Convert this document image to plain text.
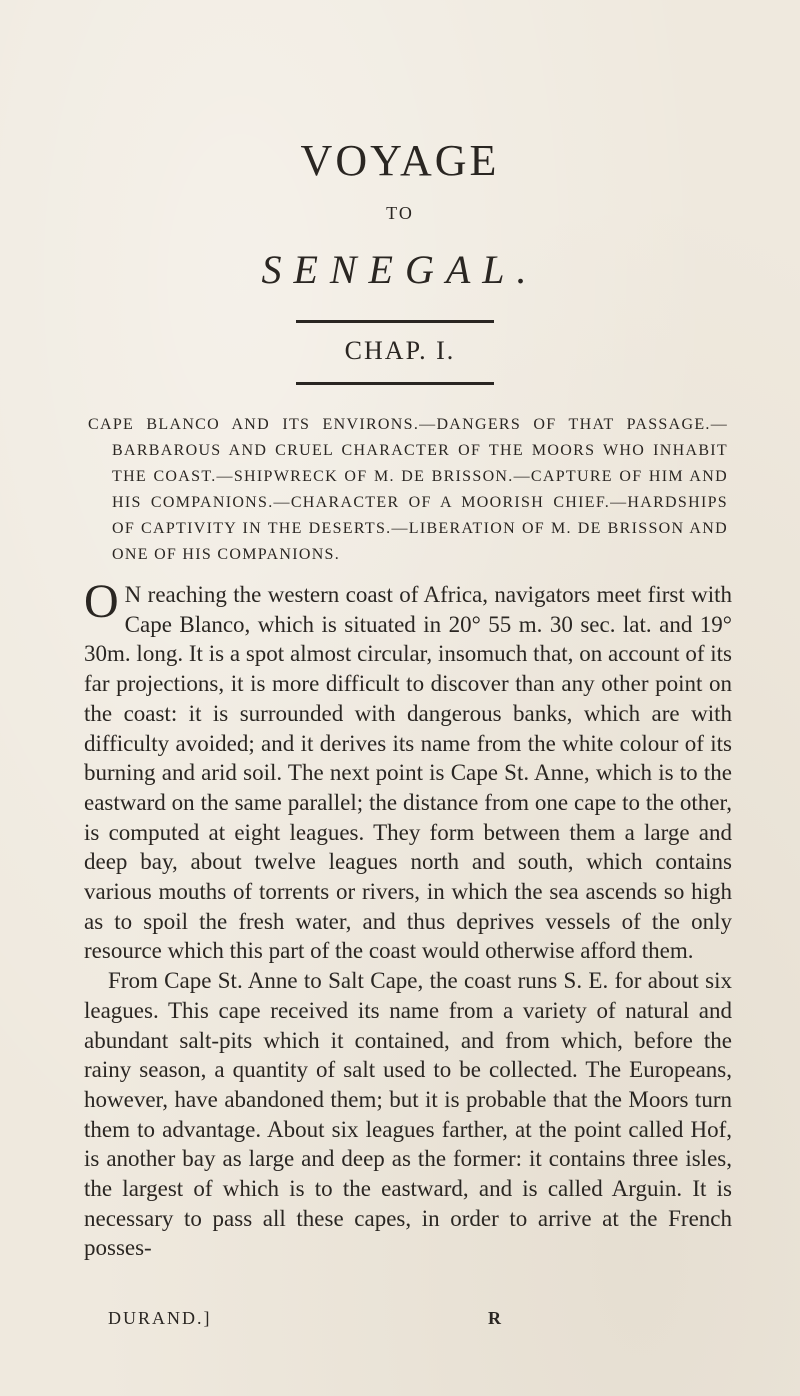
VOYAGE
TO
SENEGAL.
CHAP. I.
CAPE BLANCO AND ITS ENVIRONS.—DANGERS OF THAT PASSAGE.—BARBAROUS AND CRUEL CHARACTER OF THE MOORS WHO INHABIT THE COAST.—SHIPWRECK OF M. DE BRISSON.—CAPTURE OF HIM AND HIS COMPANIONS.—CHARACTER OF A MOORISH CHIEF.—HARDSHIPS OF CAPTIVITY IN THE DESERTS.—LIBERATION OF M. DE BRISSON AND ONE OF HIS COMPANIONS.

O N reaching the western coast of Africa, navigators meet first with Cape Blanco, which is situated in 20° 55 m. 30 sec. lat. and 19° 30m. long. It is a spot almost circular, insomuch that, on account of its far projections, it is more difficult to discover than any other point on the coast: it is surrounded with dangerous banks, which are with difficulty avoided; and it derives its name from the white colour of its burning and arid soil. The next point is Cape St. Anne, which is to the eastward on the same parallel; the distance from one cape to the other, is computed at eight leagues. They form between them a large and deep bay, about twelve leagues north and south, which contains various mouths of torrents or rivers, in which the sea ascends so high as to spoil the fresh water, and thus deprives vessels of the only resource which this part of the coast would otherwise afford them.

From Cape St. Anne to Salt Cape, the coast runs S. E. for about six leagues. This cape received its name from a variety of natural and abundant salt-pits which it contained, and from which, before the rainy season, a quantity of salt used to be collected. The Europeans, however, have abandoned them; but it is probable that the Moors turn them to advantage. About six leagues farther, at the point called Hof, is another bay as large and deep as the former: it contains three isles, the largest of which is to the eastward, and is called Arguin. It is necessary to pass all these capes, in order to arrive at the French posses-

DURAND.]	R
